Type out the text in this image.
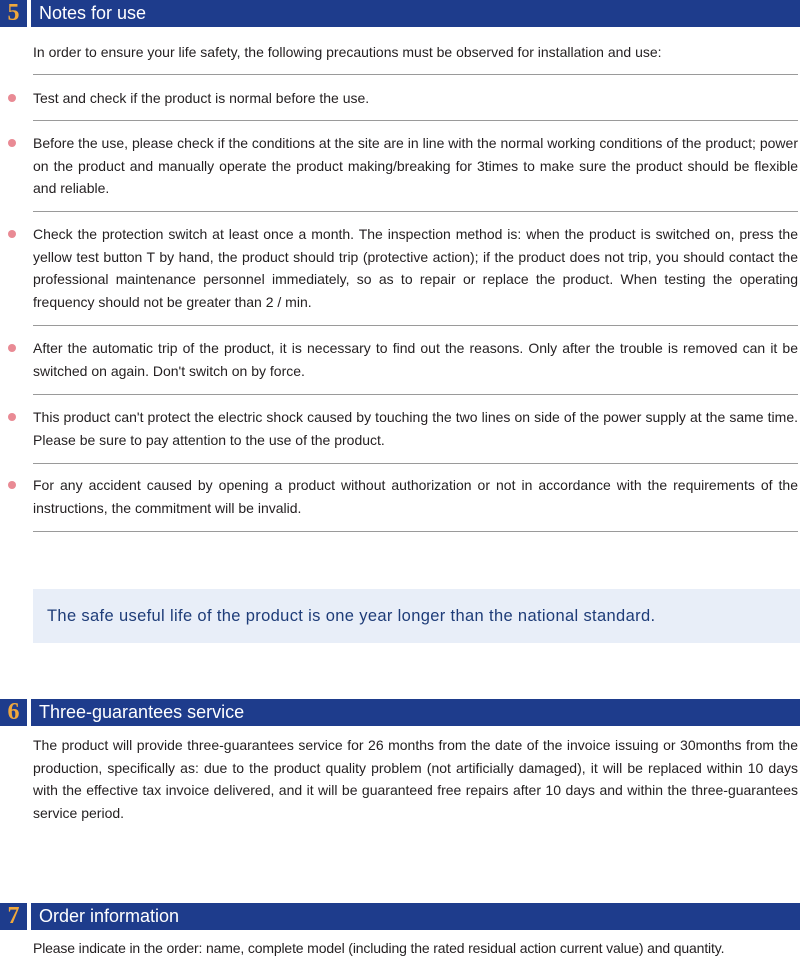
5	Notes for use

In order to ensure your life safety, the following precautions must be observed for installation and use:

Test and check if the product is normal before the use.

Before the use, please check if the conditions at the site are in line with the normal working conditions of the product; power on the product and manually operate the product making/breaking for 3times to make sure the product should be flexible and reliable.

Check the protection switch at least once a month. The inspection method is: when the product is switched on, press the yellow test button T by hand, the product should trip (protective action); if the product does not trip, you should contact the professional maintenance personnel immediately, so as to repair or replace the product. When testing the operating frequency should not be greater than 2 / min.

After the automatic trip of the product, it is necessary to find out the reasons. Only after the trouble is removed can it be switched on again. Don't switch on by force.

This product can't protect the electric shock caused by touching the two lines on side of the power supply at the same time. Please be sure to pay attention to the use of the product.

For any accident caused by opening a product without authorization or not in accordance with the requirements of the instructions, the commitment will be invalid.

The safe useful life of the product is one year longer than the national standard.
6	Three-guarantees service

The product will provide three-guarantees service for 26 months from the date of the invoice issuing or 30months from the production, specifically as: due to the product quality problem (not artificially damaged), it will be replaced within 10 days with the effective tax invoice delivered, and it will be guaranteed free repairs after 10 days and within the three-guarantees service period.

7	Order information

Please indicate in the order: name, complete model (including the rated residual action current value) and quantity.
